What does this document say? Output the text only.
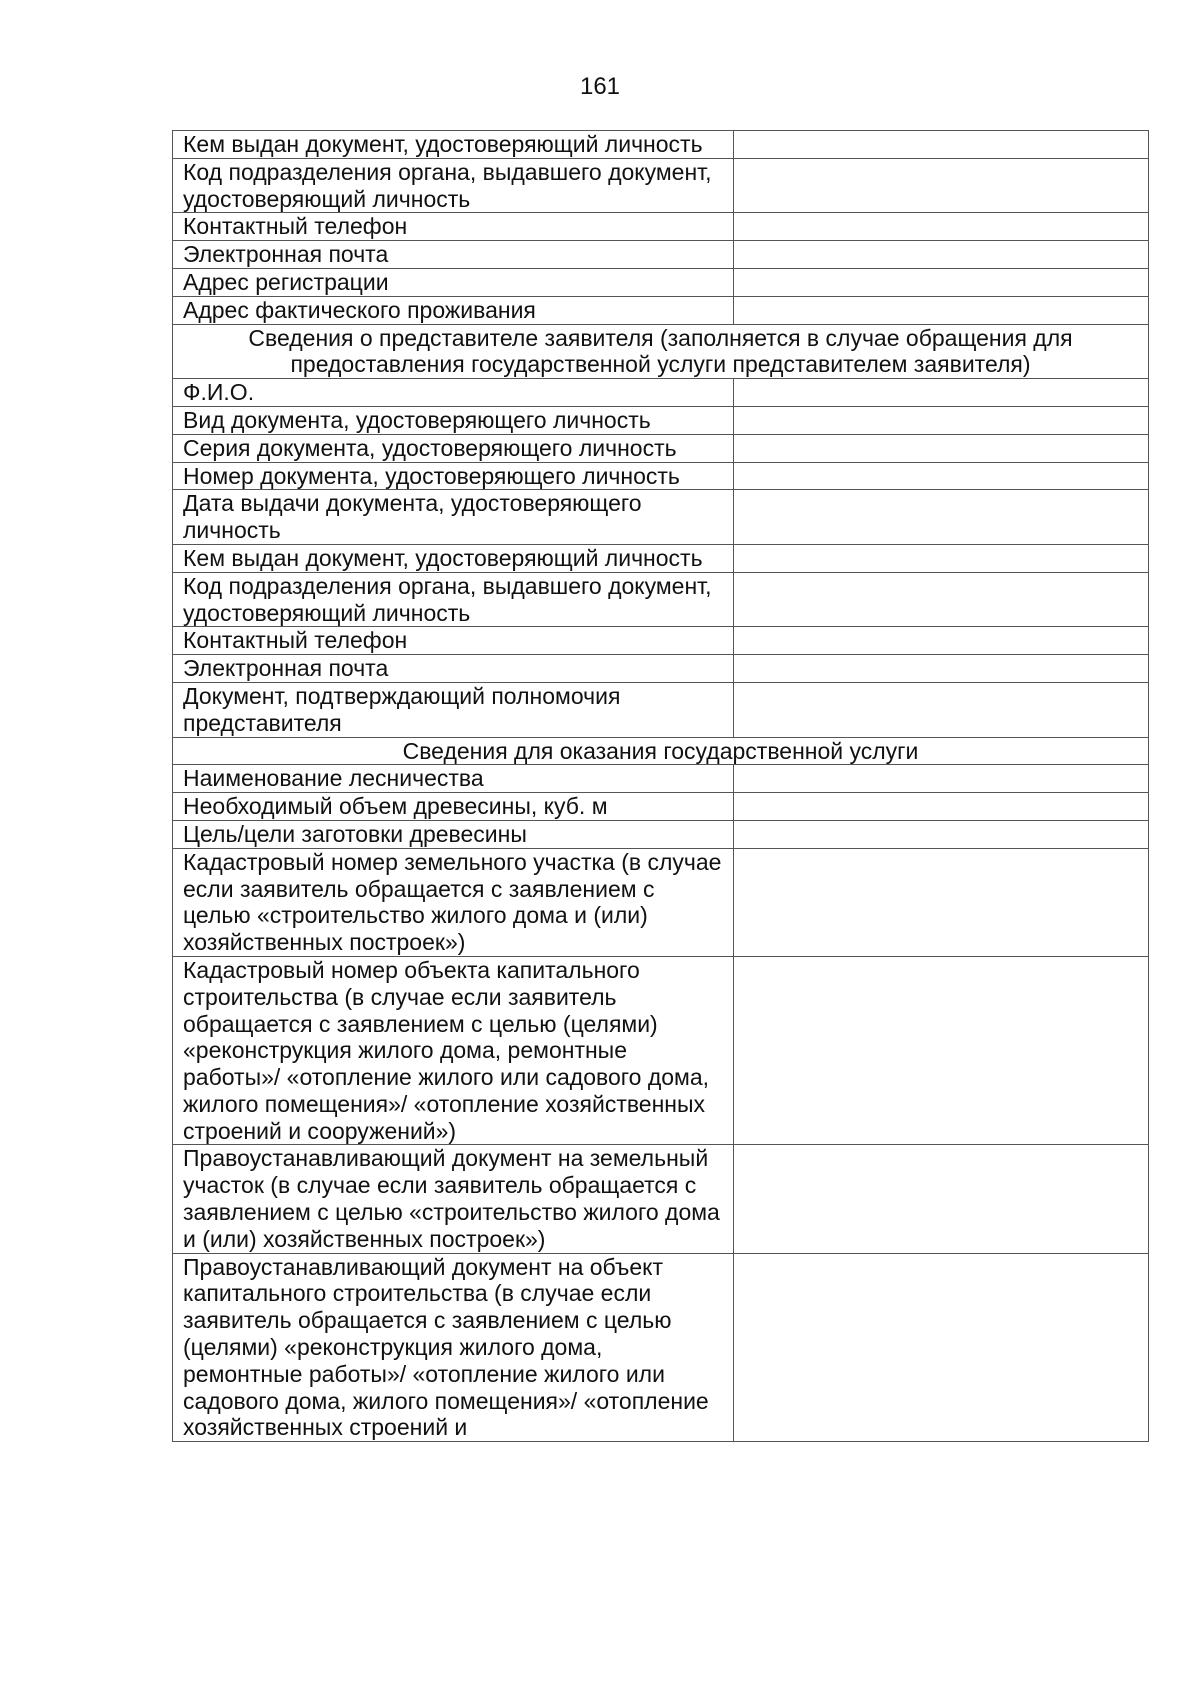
161
Кем выдан документ, удостоверяющий личность	
Код подразделения органа, выдавшего документ, удостоверяющий личность	
Контактный телефон	
Электронная почта	
Адрес регистрации	
Адрес фактического проживания	
Сведения о представителе заявителя (заполняется в случае обращения для предоставления государственной услуги представителем заявителя)	
Ф.И.О.	
Вид документа, удостоверяющего личность	
Серия документа, удостоверяющего личность	
Номер документа, удостоверяющего личность	
Дата выдачи документа, удостоверяющего личность	
Кем выдан документ, удостоверяющий личность	
Код подразделения органа, выдавшего документ, удостоверяющий личность	
Контактный телефон	
Электронная почта	
Документ, подтверждающий полномочия представителя	
Сведения для оказания государственной услуги	
Наименование лесничества	
Необходимый объем древесины, куб. м	
Цель/цели заготовки древесины	
Кадастровый номер земельного участка (в случае если заявитель обращается с заявлением с целью «строительство жилого дома и (или) хозяйственных построек»)	
Кадастровый номер объекта капитального строительства (в случае если заявитель обращается с заявлением с целью (целями) «реконструкция жилого дома, ремонтные работы»/ «отопление жилого или садового дома, жилого помещения»/ «отопление хозяйственных строений и сооружений»)	
Правоустанавливающий документ на земельный участок (в случае если заявитель обращается с заявлением с целью «строительство жилого дома и (или) хозяйственных построек»)	
Правоустанавливающий документ на объект капитального строительства (в случае если заявитель обращается с заявлением с целью (целями) «реконструкция жилого дома, ремонтные работы»/ «отопление жилого или садового дома, жилого помещения»/ «отопление хозяйственных строений и	
